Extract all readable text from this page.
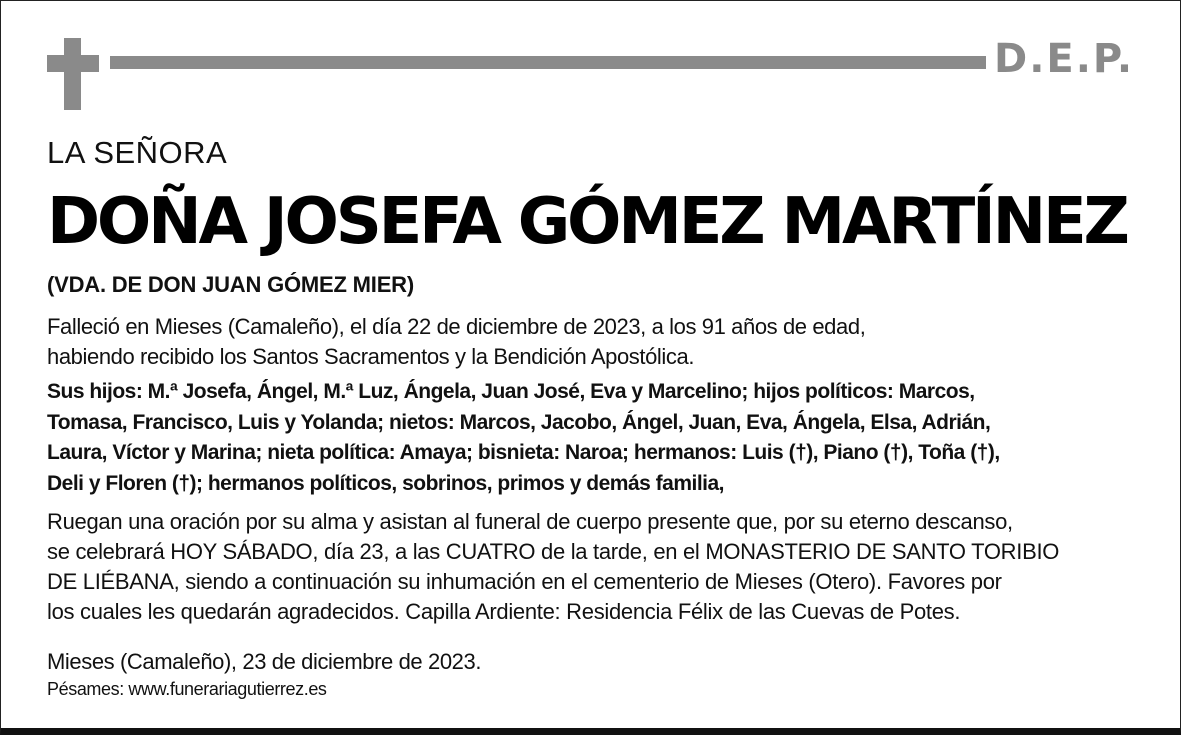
D.E.P.
LA SEÑORA
DOÑA JOSEFA GÓMEZ MARTÍNEZ
(VDA. DE DON JUAN GÓMEZ MIER)
Falleció en Mieses (Camaleño), el día 22 de diciembre de 2023, a los 91 años de edad,
habiendo recibido los Santos Sacramentos y la Bendición Apostólica.
Sus hijos: M.ª Josefa, Ángel, M.ª Luz, Ángela, Juan José, Eva y Marcelino; hijos políticos: Marcos,
Tomasa, Francisco, Luis y Yolanda; nietos: Marcos, Jacobo, Ángel, Juan, Eva, Ángela, Elsa, Adrián,
Laura, Víctor y Marina; nieta política: Amaya; bisnieta: Naroa; hermanos: Luis (†), Piano (†), Toña (†),
Deli y Floren (†); hermanos políticos, sobrinos, primos y demás familia,
Ruegan una oración por su alma y asistan al funeral de cuerpo presente que, por su eterno descanso,
se celebrará HOY SÁBADO, día 23, a las CUATRO de la tarde, en el MONASTERIO DE SANTO TORIBIO
DE LIÉBANA, siendo a continuación su inhumación en el cementerio de Mieses (Otero). Favores por
los cuales les quedarán agradecidos. Capilla Ardiente: Residencia Félix de las Cuevas de Potes.
Mieses (Camaleño), 23 de diciembre de 2023.
Pésames: www.funerariagutierrez.es
